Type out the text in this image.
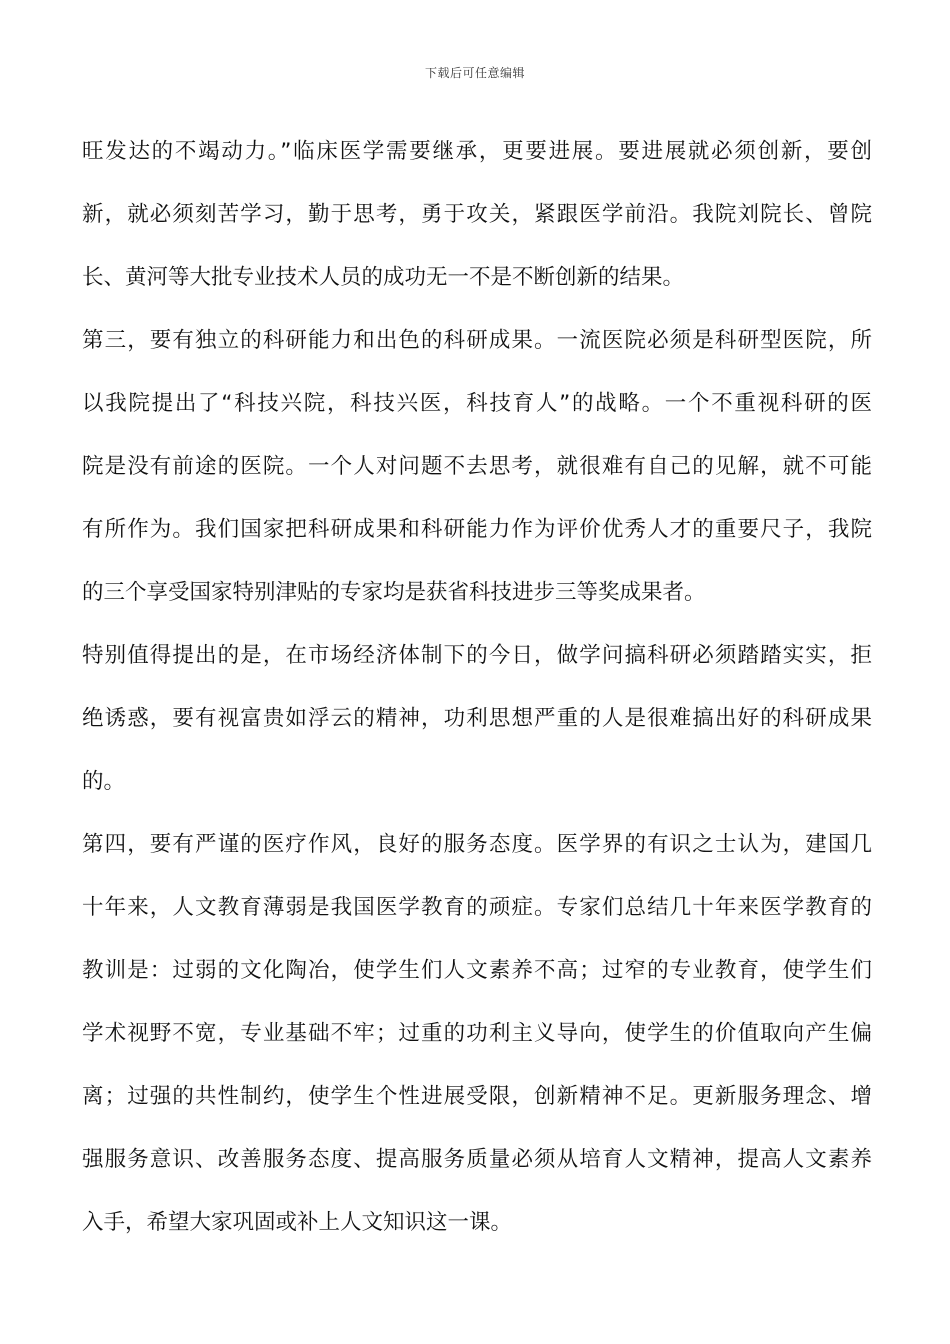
下载后可任意编辑
旺发达的不竭动力。”临床医学需要继承，更要进展。要进展就必须创新，要创
新，就必须刻苦学习，勤于思考，勇于攻关，紧跟医学前沿。我院刘院长、曾院
长、黄河等大批专业技术人员的成功无一不是不断创新的结果。
第三，要有独立的科研能力和出色的科研成果。一流医院必须是科研型医院，所
以我院提出了“科技兴院，科技兴医，科技育人”的战略。一个不重视科研的医
院是没有前途的医院。一个人对问题不去思考，就很难有自己的见解，就不可能
有所作为。我们国家把科研成果和科研能力作为评价优秀人才的重要尺子，我院
的三个享受国家特别津贴的专家均是获省科技进步三等奖成果者。
特别值得提出的是，在市场经济体制下的今日，做学问搞科研必须踏踏实实，拒
绝诱惑，要有视富贵如浮云的精神，功利思想严重的人是很难搞出好的科研成果
的。
第四，要有严谨的医疗作风，良好的服务态度。医学界的有识之士认为，建国几
十年来，人文教育薄弱是我国医学教育的顽症。专家们总结几十年来医学教育的
教训是：过弱的文化陶冶，使学生们人文素养不高；过窄的专业教育，使学生们
学术视野不宽，专业基础不牢；过重的功利主义导向，使学生的价值取向产生偏
离；过强的共性制约，使学生个性进展受限，创新精神不足。更新服务理念、增
强服务意识、改善服务态度、提高服务质量必须从培育人文精神，提高人文素养
入手，希望大家巩固或补上人文知识这一课。
